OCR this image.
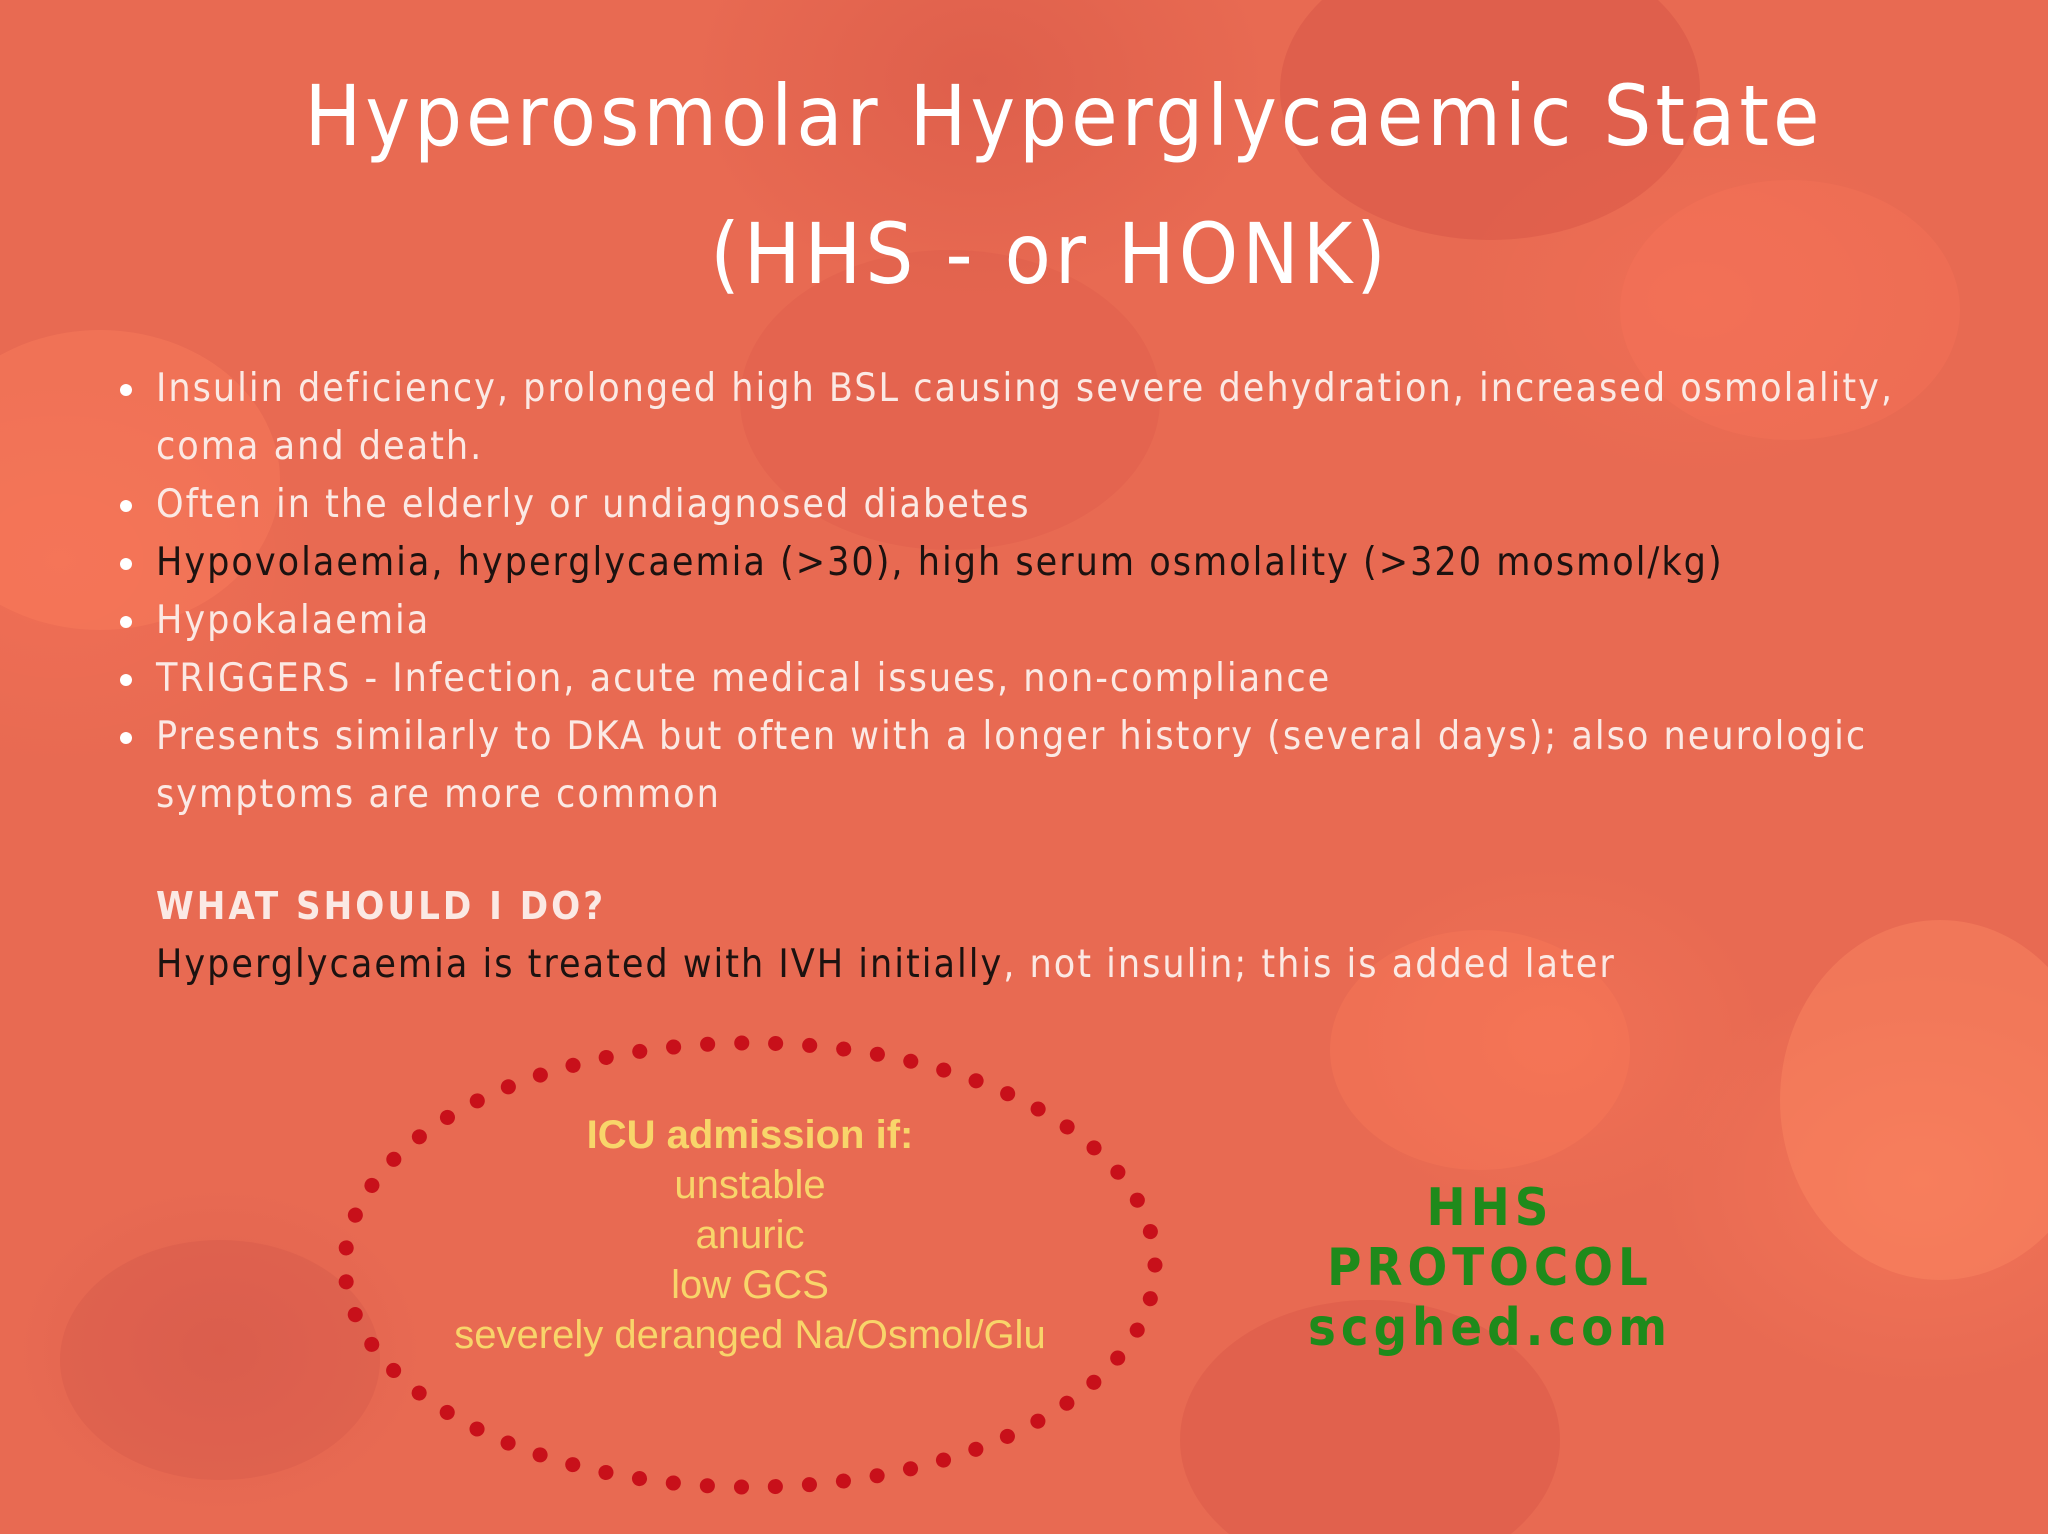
Hyperosmolar Hyperglycaemic State
(HHS - or HONK)
Insulin deficiency, prolonged high BSL causing severe dehydration, increased osmolality, coma and death.
Often in the elderly or undiagnosed diabetes
Hypovolaemia, hyperglycaemia (>30), high serum osmolality (>320 mosmol/kg)
Hypokalaemia
TRIGGERS - Infection, acute medical issues, non-compliance
Presents similarly to DKA but often with a longer history (several days); also neurologic symptoms are more common
WHAT SHOULD I DO?

Hyperglycaemia is treated with IVH initially, not insulin; this is added later

ICU admission if:
unstable
anuric
low GCS
severely deranged Na/Osmol/Glu
HHS PROTOCOL
scghed.com
